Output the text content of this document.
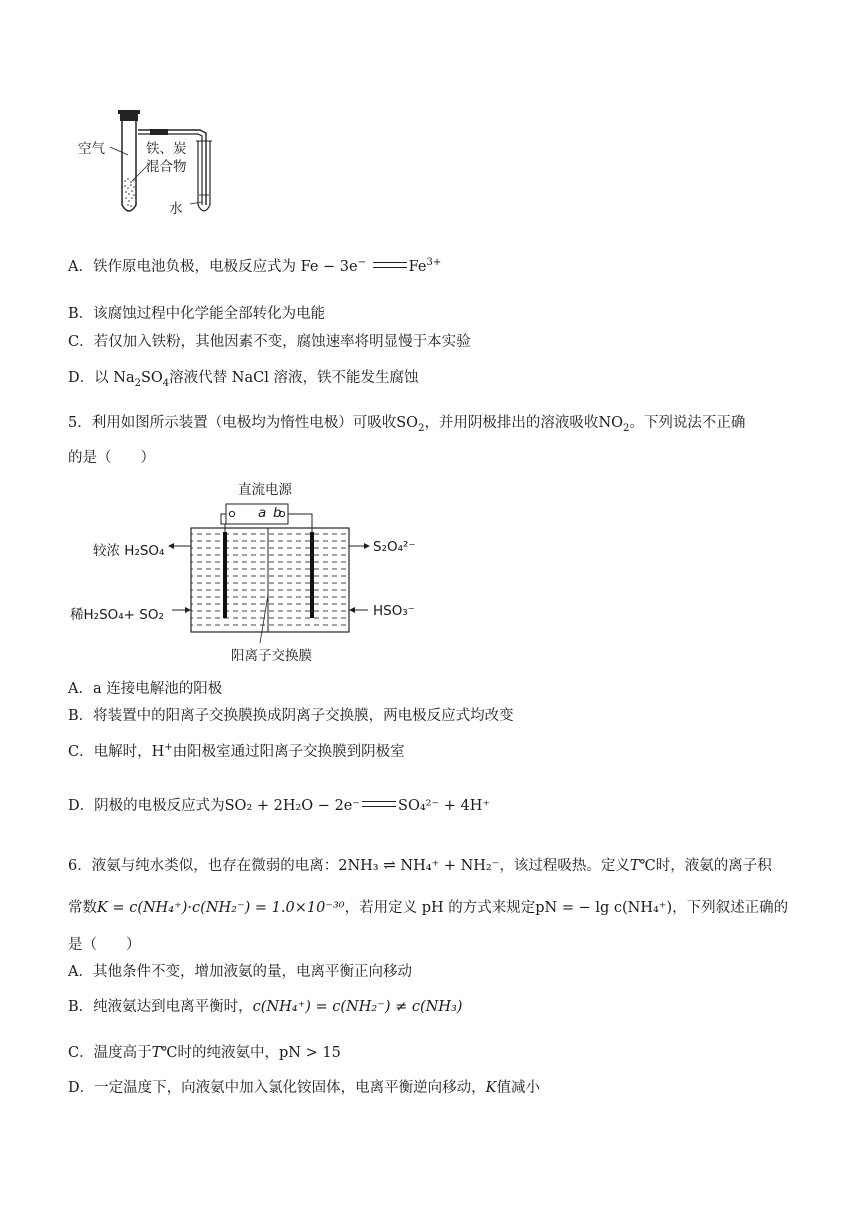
空气	铁、炭
混合物
水
A．铁作原电池负极，电极反应式为 Fe − 3e−	$Fe^{3+}$
B．该腐蚀过程中化学能全部转化为电能
C．若仅加入铁粉，其他因素不变，腐蚀速率将明显慢于本实验
D．以 $Na_2SO_4$溶液代替 NaCl 溶液，铁不能发生腐蚀
5．利用如图所示装置（电极均为惰性电极）可吸收$SO_2$，并用阴极排出的溶液吸收$NO_2$。下列说法不正确
的是（　　）
直流电源
a b
较浓 H₂SO₄
稀H₂SO₄+ SO₂
S₂O₄²⁻
HSO₃⁻
阳离子交换膜
A．a 连接电解池的阳极
B．将装置中的阳离子交换膜换成阴离子交换膜，两电极反应式均改变
C．电解时，H+由阳极室通过阳离子交换膜到阴极室
D．阴极的电极反应式为SO₂ + 2H₂O − 2e⁻	SO₄²⁻ + 4H⁺
6．液氨与纯水类似，也存在微弱的电离：2NH₃ ⇌ NH₄⁺ + NH₂⁻，该过程吸热。定义T℃时，液氨的离子积
常数K = c(NH₄⁺)·c(NH₂⁻) = 1.0×10⁻³⁰，若用定义 pH 的方式来规定pN = − lg c(NH₄⁺)，下列叙述正确的
是（　　）
A．其他条件不变，增加液氨的量，电离平衡正向移动
B．纯液氨达到电离平衡时，c(NH₄⁺) = c(NH₂⁻) ≠ c(NH₃)
C．温度高于T℃时的纯液氨中，pN > 15
D．一定温度下，向液氨中加入氯化铵固体，电离平衡逆向移动，K值减小
